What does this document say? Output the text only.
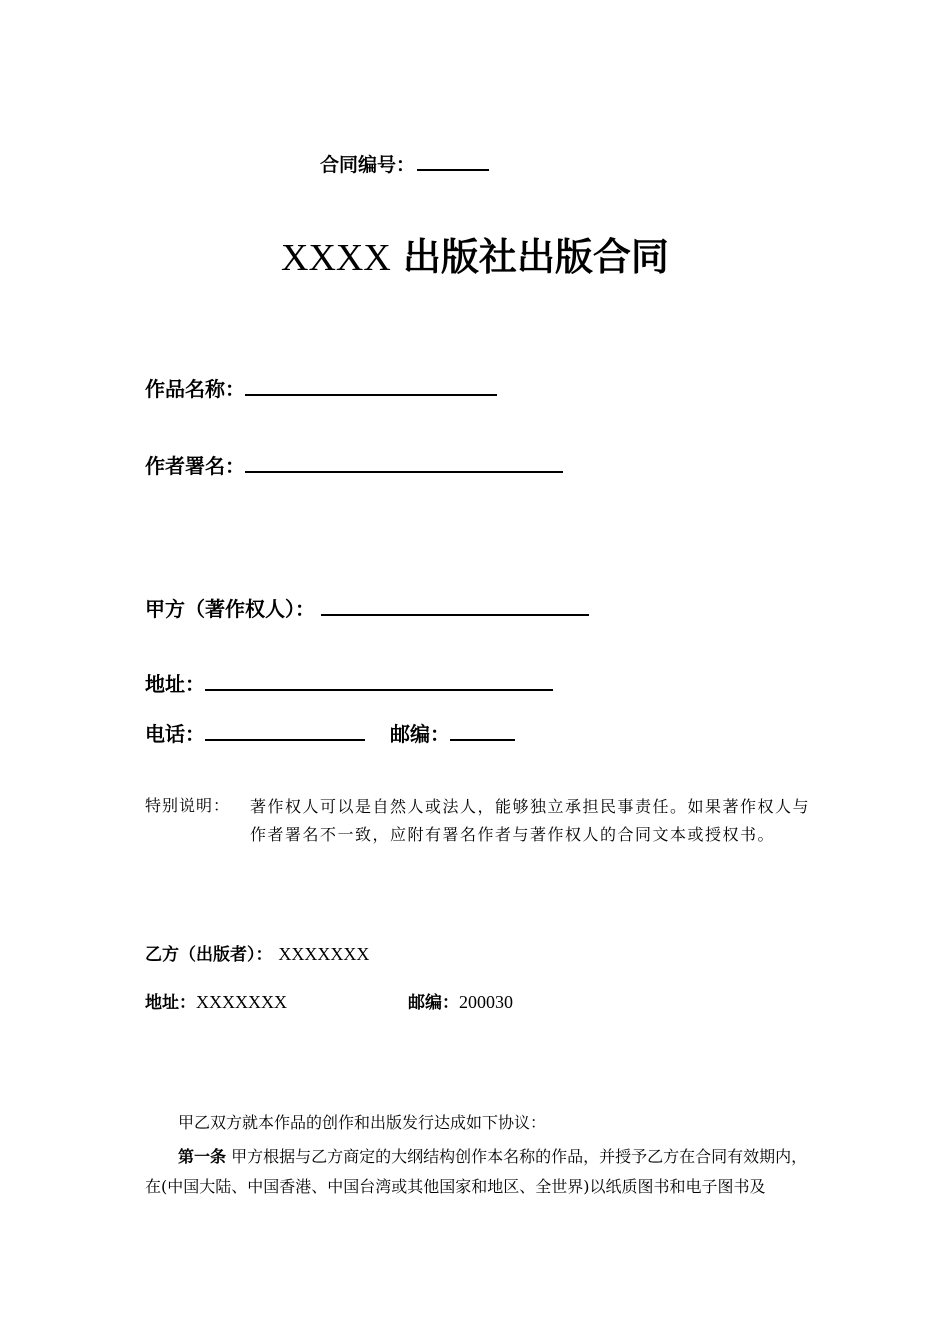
合同编号：
XXXX 出版社出版合同
作品名称：
作者署名：
甲方（著作权人）：
地址：
电话：	邮编：
特别说明： 著作权人可以是自然人或法人，能够独立承担民事责任。如果著作权人与作者署名不一致，应附有署名作者与著作权人的合同文本或授权书。
乙方（出版者）： XXXXXXX
地址：XXXXXXX	邮编：200030
甲乙双方就本作品的创作和出版发行达成如下协议：
第一条 甲方根据与乙方商定的大纲结构创作本名称的作品，并授予乙方在合同有效期内，在(中国大陆、中国香港、中国台湾或其他国家和地区、全世界)以纸质图书和电子图书及
